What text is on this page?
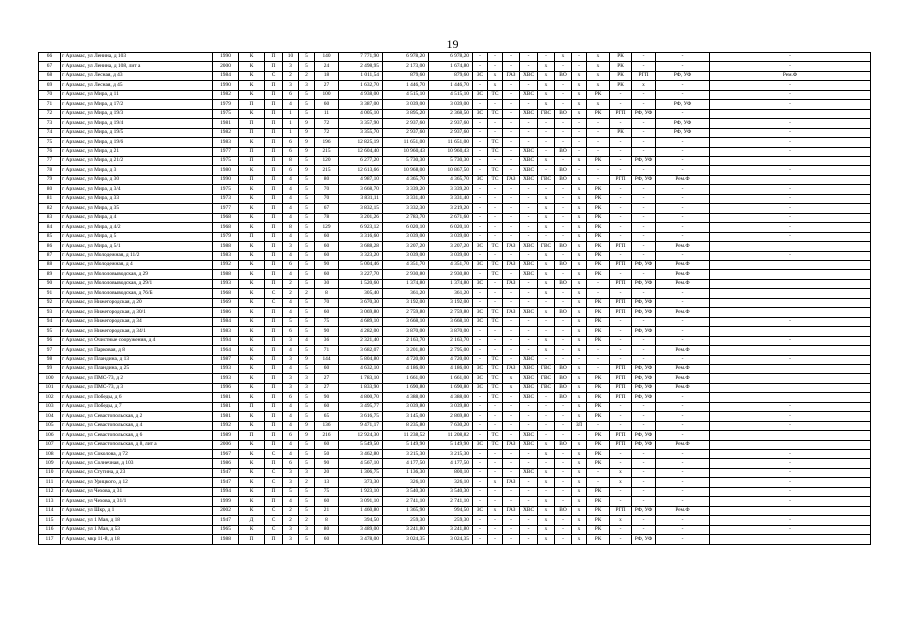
19
66	г Арзамас, ул Ленина, д 103	1990	К	П	10	5	140	7 771,90	6 978,20	6 978,20	-	-	-	-	-	х	-	х	РК	-	-	-
67	г Арзамас, ул Ленина, д 108, лит а	2000	К	П	3	5	24	2 498,95	2 173,00	1 674,80	-	-	-	-	х	-	-	х	РК	-	-	-
68	г Арзамас, ул Лесная, д 43	1984	К	С	2	2	18	1 011,54	879,60	879,60	ЗС	х	ГАЗ	ХВС	х	ВО	х	х	РК	РГП	РФ, УФ	Рем.Ф
69	г Арзамас, ул Лесная, д 45	1990	К	П	3	3	27	1 632,70	1 446,70	1 446,70	-	х	-	-	х	-	х	х	РК	х	-	-
70	г Арзамас, ул Мира, д 11	1982	К	П	6	5	100	4 938,00	4 515,10	4 515,10	ЗС	ТС	-	ХВС	х	-	х	РК	-	-	-	-
71	г Арзамас, ул Мира, д 17/2	1979	П	П	4	5	60	3 387,00	3 039,00	3 039,00	-	-	-	-	х	-	х	х	-	-	РФ, УФ	-
72	г Арзамас, ул Мира, д 19/3	1975	К	П	1	5	11	4 005,10	3 895,20	2 368,50	ЗС	ТС	-	ХВС	ГВС	ВО	х	РК	РГП	РФ, УФ	-	
73	г Арзамас, ул Мира, д 19/4	1981	П	П	1	9	72	3 357,90	2 937,60	2 937,60	-	-	-	-	-	-	-	-	-	-	РФ, УФ	-
74	г Арзамас, ул Мира, д 19/5	1982	П	П	1	9	72	3 355,70	2 937,60	2 937,60	-	-	-	-	-	-	-	-	РК	-	РФ, УФ	-
75	г Арзамас, ул Мира, д 19/6	1983	К	П	6	9	196	12 825,19	11 651,00	11 651,00	-	ТС	-	-	-	-	-	-	-	-	-	-
76	г Арзамас, ул Мира, д 21	1977	П	П	6	9	215	12 604,40	10 960,43	10 960,43	-	ТС	-	ХВС	-	ВО	-	-	-	-	-	-
77	г Арзамас, ул Мира, д 21/2	1975	П	П	8	5	120	6 277,20	5 730,30	5 730,30	-	-	-	ХВС	х	-	х	РК	-	РФ, УФ	-	
78	г Арзамас, ул Мира, д 3	1980	К	П	6	9	215	12 613,66	10 968,00	10 867,50	-	ТС	-	ХВС	-	ВО	-	-	-	-	-	-
79	г Арзамас, ул Мира, д 30	1990	П	П	4	5	80	4 987,10	4 365,70	4 365,70	ЗС	ТС	ГАЗ	ХВС	ГВС	ВО	х	-	РГП	РФ, УФ	Рем.Ф	
80	г Арзамас, ул Мира, д 3/4	1975	К	П	4	5	70	3 668,70	3 339,20	3 339,20	-	-	-	-	-	-	х	РК	-	-	-	-
81	г Арзамас, ул Мира, д 33	1973	К	П	4	5	70	3 831,11	3 331,40	3 331,40	-	-	-	-	х	-	х	РК	-	-	-	-
82	г Арзамас, ул Мира, д 35	1977	К	П	4	5	67	3 832,15	3 332,30	3 219,20	-	-	-	-	х	-	х	РК	-	-	-	-
83	г Арзамас, ул Мира, д 4	1968	К	П	4	5	78	3 201,26	2 783,70	2 671,60	-	-	-	-	х	-	х	РК	-	-	-	-
84	г Арзамас, ул Мира, д 4/2	1968	К	П	8	5	129	6 923,12	6 020,10	6 020,10	-	-	-	-	х	-	х	РК	-	-	-	-
85	г Арзамас, ул Мира, д 5	1979	П	П	4	5	60	3 316,60	3 039,00	3 039,00	-	-	-	-	-	-	х	РК	-	-	-	-
86	г Арзамас, ул Мира, д 5/1	1988	К	П	3	5	60	3 688,28	3 207,20	3 207,20	ЗС	ТС	ГАЗ	ХВС	ГВС	ВО	х	РК	РГП	-	Рем.Ф	
87	г Арзамас, ул Молодежная, д 11/2	1983	К	П	4	5	60	3 323,20	3 039,00	3 039,00	-	-	-	-	х	-	х	РК	-	-	-	-
88	г Арзамас, ул Молодежная, д 4	1992	К	П	6	5	90	5 004,46	4 351,70	4 351,70	ЗС	ТС	ГАЗ	ХВС	х	ВО	х	РК	РГП	РФ, УФ	Рем.Ф	
89	г Арзамас, ул Мололовыводская, д 29	1988	К	П	4	5	60	3 227,70	2 930,80	2 930,80	-	ТС	-	ХВС	х	-	х	РК	-	-	Рем.Ф	
90	г Арзамас, ул Мололовыводская, д 29/1	1993	К	П	2	5	30	1 520,60	1 374,80	1 374,80	ЗС	-	ГАЗ	-	х	ВО	х	-	РГП	РФ, УФ	Рем.Ф	
91	г Арзамас, ул Мололовыводская, д 76/Б	1968	К	С	2	2	8	305,40	361,20	361,20	-	-	-	-	х	-	х	-	-	-	-	
92	г Арзамас, ул Нижегородская, д 20	1969	К	С	4	5	70	3 670,30	3 192,00	3 192,00	-	-	-	-	-	-	х	РК	РГП	РФ, УФ	-	
93	г Арзамас, ул Нижегородская, д 30/1	1986	К	П	4	5	60	3 069,80	2 759,80	2 759,80	ЗС	ТС	ГАЗ	ХВС	х	ВО	х	РК	РГП	РФ, УФ	Рем.Ф	
94	г Арзамас, ул Нижегородская, д 34	1984	К	П	5	5	75	4 689,10	3 668,10	3 668,10	ЗС	ТС	-	-	-	-	х	РК	-	-	-	-
95	г Арзамас, ул Нижегородская, д 34/1	1983	К	П	6	5	90	4 282,00	3 870,00	3 870,00	-	-	-	-	-	-	х	РК	-	РФ, УФ	-	
96	г Арзамас, ул Очистные сооружения, д 4	1994	К	П	3	4	36	2 321,40	2 163,70	2 163,70	-	-	-	-	х	-	х	РК	-	-	-	-
97	г Арзамас, ул Парковая, д 8	1964	К	П	4	5	71	3 682,07	3 201,80	2 795,00	-	-	-	-	х	-	х	-	-	-	Рем.Ф	
98	г Арзамас, ул Пландина, д 13	1987	К	П	3	9	144	5 804,80	4 720,00	4 720,00	-	ТС	-	ХВС	-	-	-	-	-	-	-	-
99	г Арзамас, ул Пландина, д 25	1993	К	П	4	5	60	4 632,10	4 186,00	4 186,00	ЗС	ТС	ГАЗ	ХВС	ГВС	ВО	х	-	РГП	РФ, УФ	Рем.Ф	
100	г Арзамас, ул ПМС-73, д 2	1993	К	П	3	3	27	1 783,10	1 661,00	1 661,00	ЗС	ТС	х	ХВС	ГВС	ВО	х	РК	РГП	РФ, УФ	Рем.Ф	
101	г Арзамас, ул ПМС-73, д 3	1996	К	П	3	3	27	1 833,90	1 690,80	1 690,80	ЗС	ТС	х	ХВС	ГВС	ВО	х	РК	РГП	РФ, УФ	Рем.Ф	
102	г Арзамас, ул Победы, д 6	1981	К	П	6	5	90	4 800,70	4 388,00	4 388,00	-	ТС	-	ХВС	-	ВО	х	РК	РГП	РФ, УФ	-	
103	г Арзамас, ул Победы, д 7	1981	П	П	4	5	60	3 495,77	3 039,80	3 039,80	-	-	-	-	-	-	х	РК	-	-	-	-
104	г Арзамас, ул Севастопольская, д 2	1981	К	П	4	5	65	3 616,75	3 145,00	2 869,80	-	-	-	-	-	-	х	РК	-	-	-	-
105	г Арзамас, ул Севастопольская, д 4	1992	К	П	4	9	136	9 471,17	8 235,80	7 630,20	-	-	-	-	-	-	ЗЛ	-	-	-	-	-
106	г Арзамас, ул Севастопольская, д 6	1989	П	П	6	9	216	12 924,30	11 238,52	11 208,82	-	ТС	-	ХВС	-	-	-	РК	РГП	РФ, УФ	-	
107	г Арзамас, ул Севастопольская, д 8, лит а	2006	К	П	4	5	60	5 549,50	5 149,90	5 149,90	ЗС	ТС	ГАЗ	ХВС	х	ВО	х	РК	РГП	РФ, УФ	Рем.Ф	
108	г Арзамас, ул Соколова, д 72	1967	К	С	4	5	50	3 462,80	3 215,30	3 215,30	-	-	-	-	х	-	х	РК	-	-	-	-
109	г Арзамас, ул Солнечная, д 103	1986	К	П	6	5	90	4 567,10	4 177,50	4 177,50	-	-	-	-	-	-	х	РК	-	-	-	-
110	г Арзамас, ул Стутина, д 23	1947	К	С	3	3	20	1 306,75	1 136,30	800,10	-	-	-	ХВС	х	-	х	-	х	-	-	-
111	г Арзамас, ул Урицкого, д 12	1947	К	С	3	2	13	373,30	326,10	326,10	-	х	ГАЗ	-	х	-	х	-	х	-	-	-
112	г Арзамас, ул Чехова, д 31	1994	К	П	5	5	75	1 923,10	3 540,30	3 540,30	-	-	-	-	-	-	х	РК	-	-	-	-
113	г Арзамас, ул Чехова, д 31/1	1999	К	П	4	5	60	3 091,10	2 741,10	2 741,10	-	-	-	-	х	-	х	РК	-	-	-	-
114	г Арзамас, ул Шкр, д 1	2002	К	С	2	5	21	1 460,80	1 365,90	994,50	ЗС	х	ГАЗ	ХВС	х	ВО	х	РК	РГП	РФ, УФ	Рем.Ф	
115	г Арзамас, ул 1 Мая, д 18	1947	Д	С	2	2	8	394,50	259,30	259,30	-	-	-	-	х	-	х	РК	х	-	-	-
116	г Арзамас, ул 1 Мая, д 53	1965	К	С	3	3	80	3 489,00	3 241,80	3 241,80	-	-	-	-	х	-	х	РК	-	-	-	-
117	г Арзамас, мкр 11-й, д 18	1988	П	П	3	5	60	3 478,00	3 024,35	3 024,35	-	-	-	-	х	-	х	РК	-	РФ, УФ	-	
